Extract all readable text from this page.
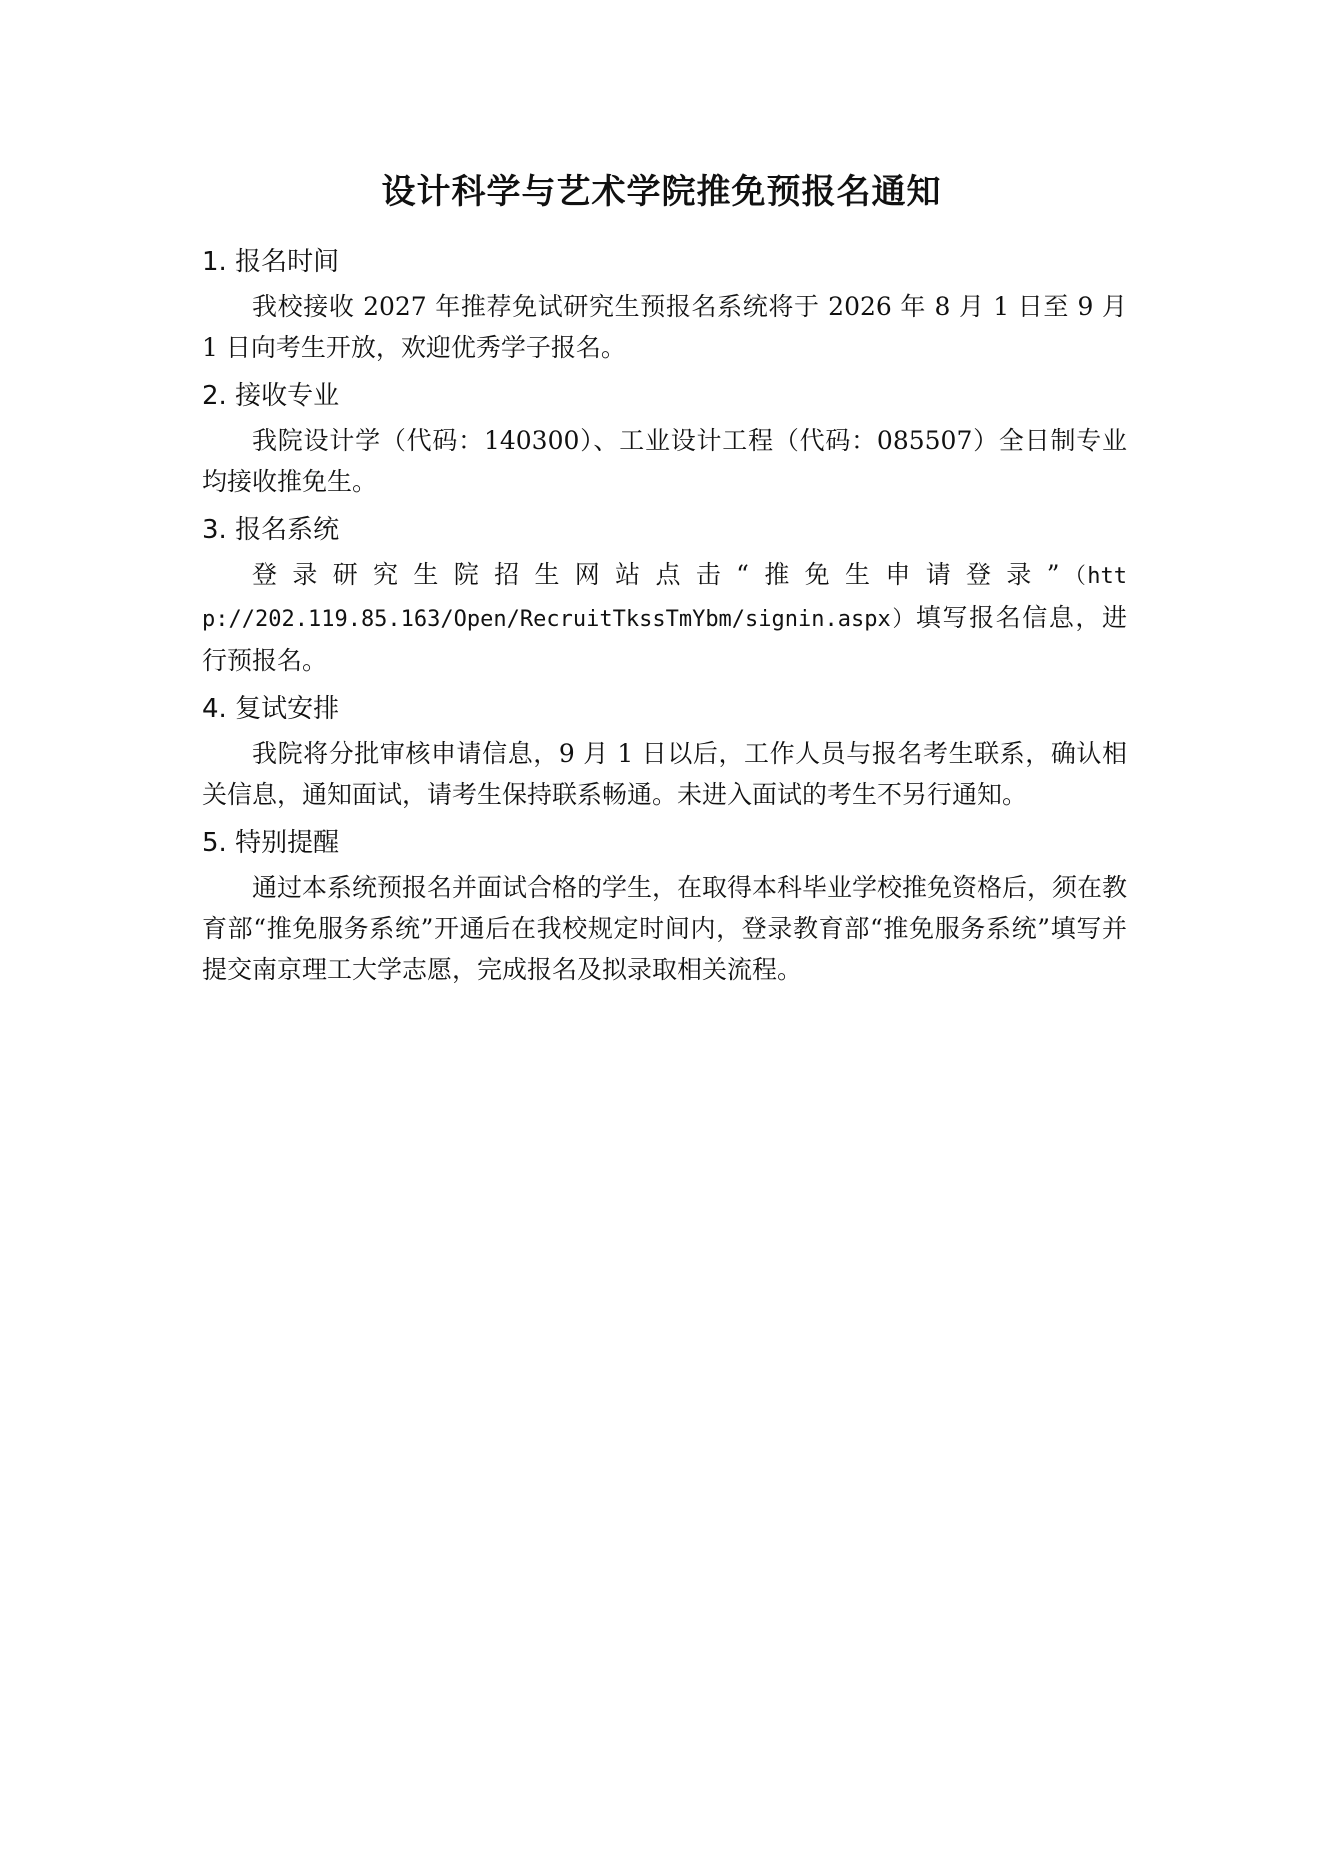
设计科学与艺术学院推免预报名通知

1. 报名时间

我校接收 2027 年推荐免试研究生预报名系统将于 2026 年 8 月 1 日至 9 月 1 日向考生开放，欢迎优秀学子报名。

2. 接收专业

我院设计学（代码：140300）、工业设计工程（代码：085507）全日制专业均接收推免生。

3. 报名系统

登录研究生院招生网站点击“推免生申请登录”（http://202.119.85.163/Open/RecruitTkssTmYbm/signin.aspx）填写报名信息，进行预报名。

4. 复试安排

我院将分批审核申请信息，9 月 1 日以后，工作人员与报名考生联系，确认相关信息，通知面试，请考生保持联系畅通。未进入面试的考生不另行通知。

5. 特别提醒

通过本系统预报名并面试合格的学生，在取得本科毕业学校推免资格后，须在教育部“推免服务系统”开通后在我校规定时间内，登录教育部“推免服务系统”填写并提交南京理工大学志愿，完成报名及拟录取相关流程。
